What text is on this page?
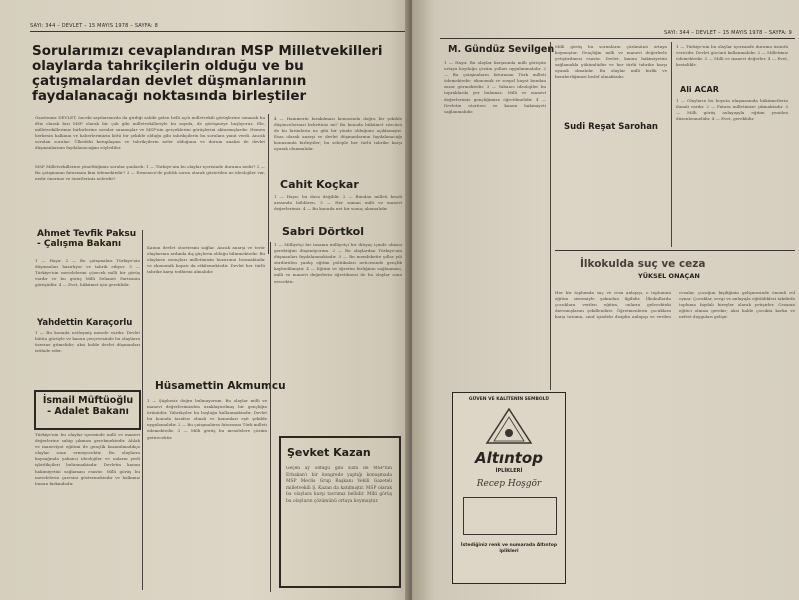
SAYI: 344 – DEVLET – 15 MAYIS 1978 – SAYFA: 8
Sorularımızı cevaplandıran MSP Milletvekilleri olaylarda tahrikçilerin olduğu ve bu çatışmalardan devlet düşmanlarının faydalanacağı noktasında birleştiler
Gazetemiz DEVLET, önceki sayılarımızda da girdiği sahibi gelen belli açılı milletvekili görüşlerine sunarak bu iftiz olarak bizi MSP olarak bir çok gibi milletvekilleriyle bu sayıda, de görüşmeye başlıyoruz. Ele, milletvekillerimiz birbirlerine sorular sunmuşlar ve MSP'nin gerçeklerini görüşlerini aktarmışlardır. Hemen herkesin halkının ve haberlerimizin kötü bir şekilde olduğu gibi tahrikçilerin bu sorulara yanıt verdi. Ancak sorulan sorular: Ülkedeki kutuplaşma ve tahrikçilerin neler olduğunu ve durum analizi ile devlet düşmanlarının faydalanacağını söylediler.
MSP Milletvekillerine yönelttiğimiz sorular şunlardı: 1 — Türkiye'nin bu olaylar içerisinde durumu nedir? 2 — Bu çatışmanın faturasını kim ödemektedir? 3 — Ermenice'de politik sorun olarak gösterilen ne ideolojiler var, nedir öneriniz ve önerileriniz nelerdir?
4 — Hammerin bırakılması konusunda doğru bir şekilde düşüncelerinizi belirttiniz mi? Bu konuda hükümet sözcüsü de bu birimlerin ne gibi bir yönde olduğunu açıklamıştır. Esas olarak anarşi ve devlet düşmanlarının faydalanacağı konusunda birleştiler; bu sebeple her türlü tahrike karşı uyanık olunmalıdır.
Cahit Koçkar
1 — Hayır, bu dava değildir. 2 — Bundan milleti kendi arasında böldüren. 3 — Her zaman milli ve manevi değerlerimiz. 4 — Bu konuda net bir sonuç alınmalıdır.
Sabri Dörtkol
1 — Milliyetçi bir insanın milliyetçi bir ihtiyaç içinde olması gerektiğini düşünüyorum. 2 — Bu olaylardan Türkiye'nin düşmanları faydalanmaktadır. 3 — Bu memlekette yıllar yılı sürdürülen yanlış eğitim politikaları neticesinde gençlik kaybedilmiştir. 4 — Eğitim ve öğretim birliğinin sağlanması, milli ve manevi değerlerin öğretilmesi ile bu olaylar sona erecektir.
Ahmet Tevfik Paksu - Çalışma Bakanı
1 — Hayır. 2 — Bu çatışmaları Türkiye'nin düşmanları hazırlıyor ve tahrik ediyor. 3 — Türkiye'nin meselelerini çözecek milli bir görüş vardır ve bu görüş Milli Selamet Partisinin görüşüdür. 4 — Evet, hükümet için gereklidir.
Yahdettin Karaçorlu
1 — Bu konuda netleşmiş mesele vardır. Devlet bütün gücüyle ve kanun çerçevesinde bu olayların üzerine gitmelidir; aksi halde devlet düşmanları istifade eder.
İsmail Müftüoğlu - Adalet Bakanı
Türkiye'nin bu olaylar içerisinde milli ve manevi değerlerine sahip çıkması gerekmektedir. Ahlak ve maneviyat eğitimi ile gençlik kazanılmadıkça olaylar sona ermeyecektir. Bu olayların kaynağında yabancı ideolojiler ve onların yerli işbirlikçileri bulunmaktadır. Devletin kanun hakimiyetini sağlaması esastır. Milli görüş bu meselelerin çaresini göstermektedir ve halkımız bunun farkındadır.
Kanun devlet otoritesini sağlar. Ancak anarşi ve terör olaylarının ardında dış güçlerin olduğu bilinmektedir. Bu olayların sonuçları milletimizin huzurunu bozmaktadır ve ekonomik hayatı da etkilemektedir. Devlet her türlü tahrike karşı tedbirini almalıdır.
Hüsamettin Akmumcu
1 — Şüphesiz doğru bulmuyorum. Bu olaylar milli ve manevi değerlerimizden uzaklaştırılmış bir gençliğin ürünüdür. Tahrikçiler bu boşluğu kullanmaktadır. Devlet bu konuda tarafsız olmalı ve kanunları eşit şekilde uygulamalıdır. 2 — Bu çatışmaların faturasını Türk milleti ödemektedir. 3 — Milli görüş bu meselelere çözüm getirecektir.
Şevket Kazan
Geçen ay olduğu gibi sizin de MSP'nin Erbakan'ı bir kongrede yaptığı konuşmada MSP Meclis Grup Başkanı Vekili Gazeteli milletvekili Ş. Kazan da katılmıştır. MSP olarak bu olaylara karşı tavrımız bellidir. Milli görüş bu olayların çözümünü ortaya koymuştur.
SAYI: 344 – DEVLET – 15 MAYIS 1978 – SAYFA: 9
M. Gündüz Sevilgen
1 — Hayır. Bu olaylar karşısında milli görüşün ortaya koyduğu çözüm yolları uygulanmalıdır. 2 — Bu çatışmaların faturasını Türk milleti ödemektedir; ekonomik ve sosyal hayat bundan zarar görmektedir. 3 — Yabancı ideolojiler bu topraklarda yer bulamaz. Milli ve manevi değerlerimiz gençliğimize öğretilmelidir. 4 — Devletin otoritesi ve kanun hakimiyeti sağlanmalıdır.
Milli görüş bu sorunların çözümünü ortaya koymuştur. Gençliğin milli ve manevi değerlerle yetiştirilmesi esastır. Devlet, kanun hakimiyetini sağlamakla yükümlüdür ve her türlü tahrike karşı uyanık olmalıdır. Bu olaylar milli birlik ve beraberliğimizi hedef almaktadır.
1 — Türkiye'nin bu olaylar içerisinde durumu üzüntü vericidir. Devlet gücünü kullanmalıdır. 2 — Milletimiz ödemektedir. 3 — Milli ve manevi değerler. 4 — Evet, kesinlikle.
Ali ACAR
1 — Olayların bu boyuta ulaşmasında hükümetlerin ihmali vardır. 2 — Fatura milletimize çıkmaktadır. 3 — Milli görüş anlayışıyla eğitim yeniden düzenlenmelidir. 4 — Evet, gereklidir.
Sudi Reşat Sarohan
İlkokulda suç ve ceza
YÜKSEL ONAÇAN
Her bir toplumda suç ve ceza anlayışı, o toplumun eğitim sistemiyle yakından ilgilidir. İlkokullarda çocuklara verilen eğitim, onların gelecekteki davranışlarını şekillendirir. Öğretmenlerin çocuklara karşı tutumu, sınıf içindeki disiplin anlayışı ve verilen cezalar, çocuğun kişiliğinin gelişmesinde önemli rol oynar. Çocuklar, sevgi ve anlayışla eğitildikleri takdirde topluma faydalı bireyler olarak yetişirler. Cezanın eğitici olması gerekir; aksi halde çocukta korku ve nefret duyguları gelişir.
GÜVEN VE KALİTENİN SEMBOLÜ
Altıntop
İPLİKLERİ
Recep Hoşgör
İstediğiniz renk ve numarada Altıntop iplikleri
